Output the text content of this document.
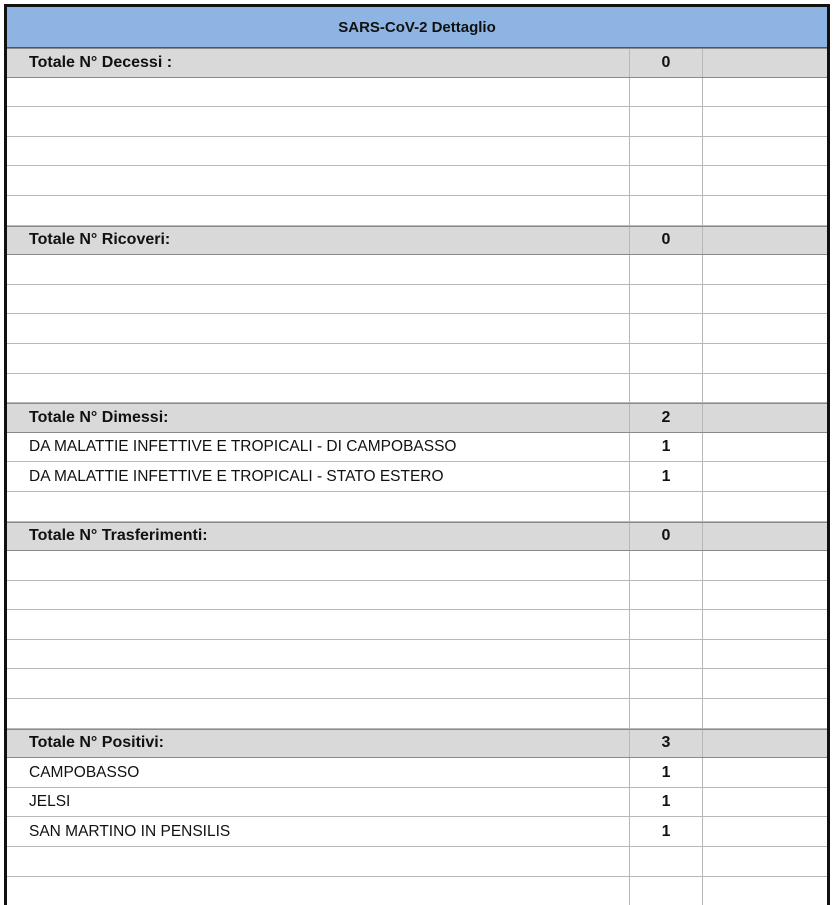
SARS-CoV-2 Dettaglio
Totale N° Decessi :	0
Totale N° Ricoveri:	0
Totale N° Dimessi:	2
DA MALATTIE INFETTIVE E TROPICALI - DI CAMPOBASSO	1
DA MALATTIE INFETTIVE E TROPICALI - STATO ESTERO	1
Totale N° Trasferimenti:	0
Totale N° Positivi:	3
CAMPOBASSO	1
JELSI	1
SAN MARTINO IN PENSILIS	1
